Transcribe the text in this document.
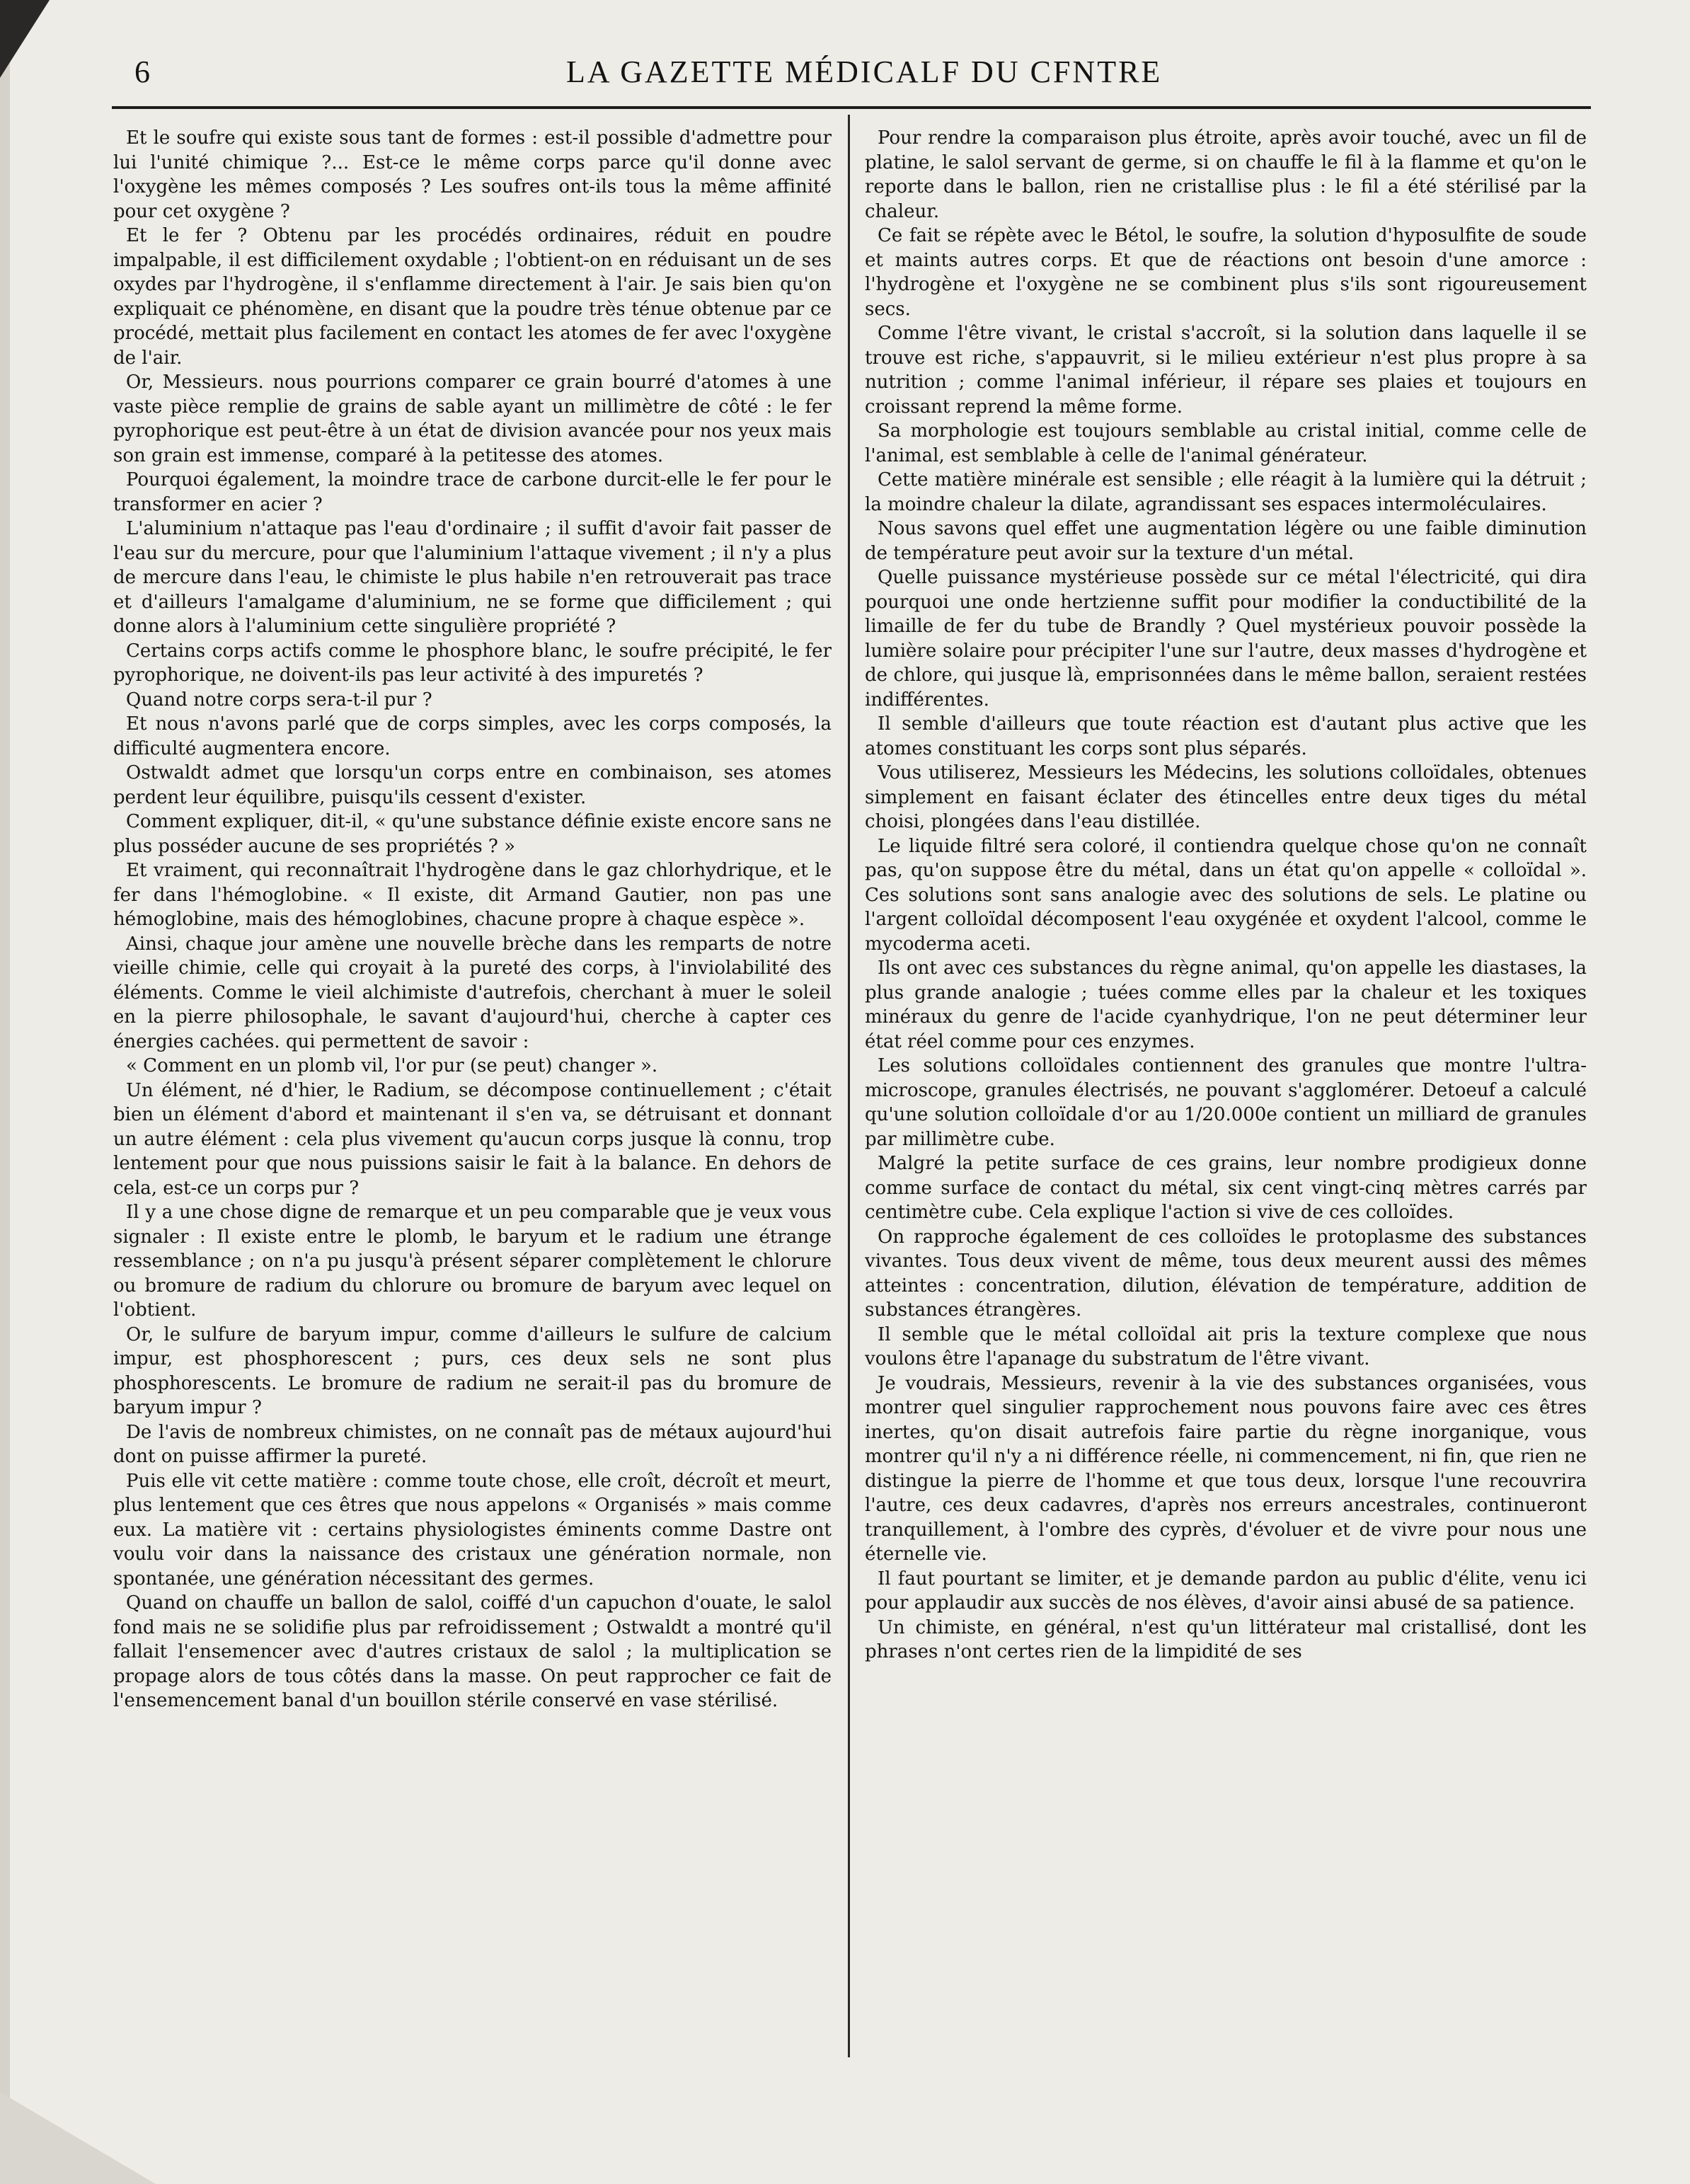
6	LA GAZETTE MÉDICALF DU CFNTRE

Et le soufre qui existe sous tant de formes : est-il possible d'admettre pour lui l'unité chimique ?... Est-ce le même corps parce qu'il donne avec l'oxygène les mêmes composés ? Les soufres ont-ils tous la même affinité pour cet oxygène ?

Et le fer ? Obtenu par les procédés ordinaires, réduit en poudre impalpable, il est difficilement oxydable ; l'obtient-on en réduisant un de ses oxydes par l'hydrogène, il s'enflamme directement à l'air. Je sais bien qu'on expliquait ce phénomène, en disant que la poudre très ténue obtenue par ce procédé, mettait plus facilement en contact les atomes de fer avec l'oxygène de l'air.

Or, Messieurs. nous pourrions comparer ce grain bourré d'atomes à une vaste pièce remplie de grains de sable ayant un millimètre de côté : le fer pyrophorique est peut-être à un état de division avancée pour nos yeux mais son grain est immense, comparé à la petitesse des atomes.

Pourquoi également, la moindre trace de carbone durcit-elle le fer pour le transformer en acier ?

L'aluminium n'attaque pas l'eau d'ordinaire ; il suffit d'avoir fait passer de l'eau sur du mercure, pour que l'aluminium l'attaque vivement ; il n'y a plus de mercure dans l'eau, le chimiste le plus habile n'en retrouverait pas trace et d'ailleurs l'amalgame d'aluminium, ne se forme que difficilement ; qui donne alors à l'aluminium cette singulière propriété ?

Certains corps actifs comme le phosphore blanc, le soufre précipité, le fer pyrophorique, ne doivent-ils pas leur activité à des impuretés ?

Quand notre corps sera-t-il pur ?

Et nous n'avons parlé que de corps simples, avec les corps composés, la difficulté augmentera encore.

Ostwaldt admet que lorsqu'un corps entre en combinaison, ses atomes perdent leur équilibre, puisqu'ils cessent d'exister.

Comment expliquer, dit-il, « qu'une substance définie existe encore sans ne plus posséder aucune de ses propriétés ? »

Et vraiment, qui reconnaîtrait l'hydrogène dans le gaz chlorhydrique, et le fer dans l'hémoglobine. « Il existe, dit Armand Gautier, non pas une hémoglobine, mais des hémoglobines, chacune propre à chaque espèce ».

Ainsi, chaque jour amène une nouvelle brèche dans les remparts de notre vieille chimie, celle qui croyait à la pureté des corps, à l'inviolabilité des éléments. Comme le vieil alchimiste d'autrefois, cherchant à muer le soleil en la pierre philosophale, le savant d'aujourd'hui, cherche à capter ces énergies cachées. qui permettent de savoir :

« Comment en un plomb vil, l'or pur (se peut) changer ».

Un élément, né d'hier, le Radium, se décompose continuellement ; c'était bien un élément d'abord et maintenant il s'en va, se détruisant et donnant un autre élément : cela plus vivement qu'aucun corps jusque là connu, trop lentement pour que nous puissions saisir le fait à la balance. En dehors de cela, est-ce un corps pur ?

Il y a une chose digne de remarque et un peu comparable que je veux vous signaler : Il existe entre le plomb, le baryum et le radium une étrange ressemblance ; on n'a pu jusqu'à présent séparer complètement le chlorure ou bromure de radium du chlorure ou bromure de baryum avec lequel on l'obtient.

Or, le sulfure de baryum impur, comme d'ailleurs le sulfure de calcium impur, est phosphorescent ; purs, ces deux sels ne sont plus phosphorescents. Le bromure de radium ne serait-il pas du bromure de baryum impur ?

De l'avis de nombreux chimistes, on ne connaît pas de métaux aujourd'hui dont on puisse affirmer la pureté.

Puis elle vit cette matière : comme toute chose, elle croît, décroît et meurt, plus lentement que ces êtres que nous appelons « Organisés » mais comme eux. La matière vit : certains physiologistes éminents comme Dastre ont voulu voir dans la naissance des cristaux une génération normale, non spontanée, une génération nécessitant des germes.

Quand on chauffe un ballon de salol, coiffé d'un capuchon d'ouate, le salol fond mais ne se solidifie plus par refroidissement ; Ostwaldt a montré qu'il fallait l'ensemencer avec d'autres cristaux de salol ; la multiplication se propage alors de tous côtés dans la masse. On peut rapprocher ce fait de l'ensemencement banal d'un bouillon stérile conservé en vase stérilisé.

Pour rendre la comparaison plus étroite, après avoir touché, avec un fil de platine, le salol servant de germe, si on chauffe le fil à la flamme et qu'on le reporte dans le ballon, rien ne cristallise plus : le fil a été stérilisé par la chaleur.

Ce fait se répète avec le Bétol, le soufre, la solution d'hyposulfite de soude et maints autres corps. Et que de réactions ont besoin d'une amorce : l'hydrogène et l'oxygène ne se combinent plus s'ils sont rigoureusement secs.

Comme l'être vivant, le cristal s'accroît, si la solution dans laquelle il se trouve est riche, s'appauvrit, si le milieu extérieur n'est plus propre à sa nutrition ; comme l'animal inférieur, il répare ses plaies et toujours en croissant reprend la même forme.

Sa morphologie est toujours semblable au cristal initial, comme celle de l'animal, est semblable à celle de l'animal générateur.

Cette matière minérale est sensible ; elle réagit à la lumière qui la détruit ; la moindre chaleur la dilate, agrandissant ses espaces intermoléculaires.

Nous savons quel effet une augmentation légère ou une faible diminution de température peut avoir sur la texture d'un métal.

Quelle puissance mystérieuse possède sur ce métal l'électricité, qui dira pourquoi une onde hertzienne suffit pour modifier la conductibilité de la limaille de fer du tube de Brandly ? Quel mystérieux pouvoir possède la lumière solaire pour précipiter l'une sur l'autre, deux masses d'hydrogène et de chlore, qui jusque là, emprisonnées dans le même ballon, seraient restées indifférentes.

Il semble d'ailleurs que toute réaction est d'autant plus active que les atomes constituant les corps sont plus séparés.

Vous utiliserez, Messieurs les Médecins, les solutions colloïdales, obtenues simplement en faisant éclater des étincelles entre deux tiges du métal choisi, plongées dans l'eau distillée.

Le liquide filtré sera coloré, il contiendra quelque chose qu'on ne connaît pas, qu'on suppose être du métal, dans un état qu'on appelle « colloïdal ». Ces solutions sont sans analogie avec des solutions de sels. Le platine ou l'argent colloïdal décomposent l'eau oxygénée et oxydent l'alcool, comme le mycoderma aceti.

Ils ont avec ces substances du règne animal, qu'on appelle les diastases, la plus grande analogie ; tuées comme elles par la chaleur et les toxiques minéraux du genre de l'acide cyanhydrique, l'on ne peut déterminer leur état réel comme pour ces enzymes.

Les solutions colloïdales contiennent des granules que montre l'ultra-microscope, granules électrisés, ne pouvant s'agglomérer. Detoeuf a calculé qu'une solution colloïdale d'or au 1/20.000e contient un milliard de granules par millimètre cube.

Malgré la petite surface de ces grains, leur nombre prodigieux donne comme surface de contact du métal, six cent vingt-cinq mètres carrés par centimètre cube. Cela explique l'action si vive de ces colloïdes.

On rapproche également de ces colloïdes le protoplasme des substances vivantes. Tous deux vivent de même, tous deux meurent aussi des mêmes atteintes : concentration, dilution, élévation de température, addition de substances étrangères.

Il semble que le métal colloïdal ait pris la texture complexe que nous voulons être l'apanage du substratum de l'être vivant.

Je voudrais, Messieurs, revenir à la vie des substances organisées, vous montrer quel singulier rapprochement nous pouvons faire avec ces êtres inertes, qu'on disait autrefois faire partie du règne inorganique, vous montrer qu'il n'y a ni différence réelle, ni commencement, ni fin, que rien ne distingue la pierre de l'homme et que tous deux, lorsque l'une recouvrira l'autre, ces deux cadavres, d'après nos erreurs ancestrales, continueront tranquillement, à l'ombre des cyprès, d'évoluer et de vivre pour nous une éternelle vie.

Il faut pourtant se limiter, et je demande pardon au public d'élite, venu ici pour applaudir aux succès de nos élèves, d'avoir ainsi abusé de sa patience.

Un chimiste, en général, n'est qu'un littérateur mal cristallisé, dont les phrases n'ont certes rien de la limpidité de ses
